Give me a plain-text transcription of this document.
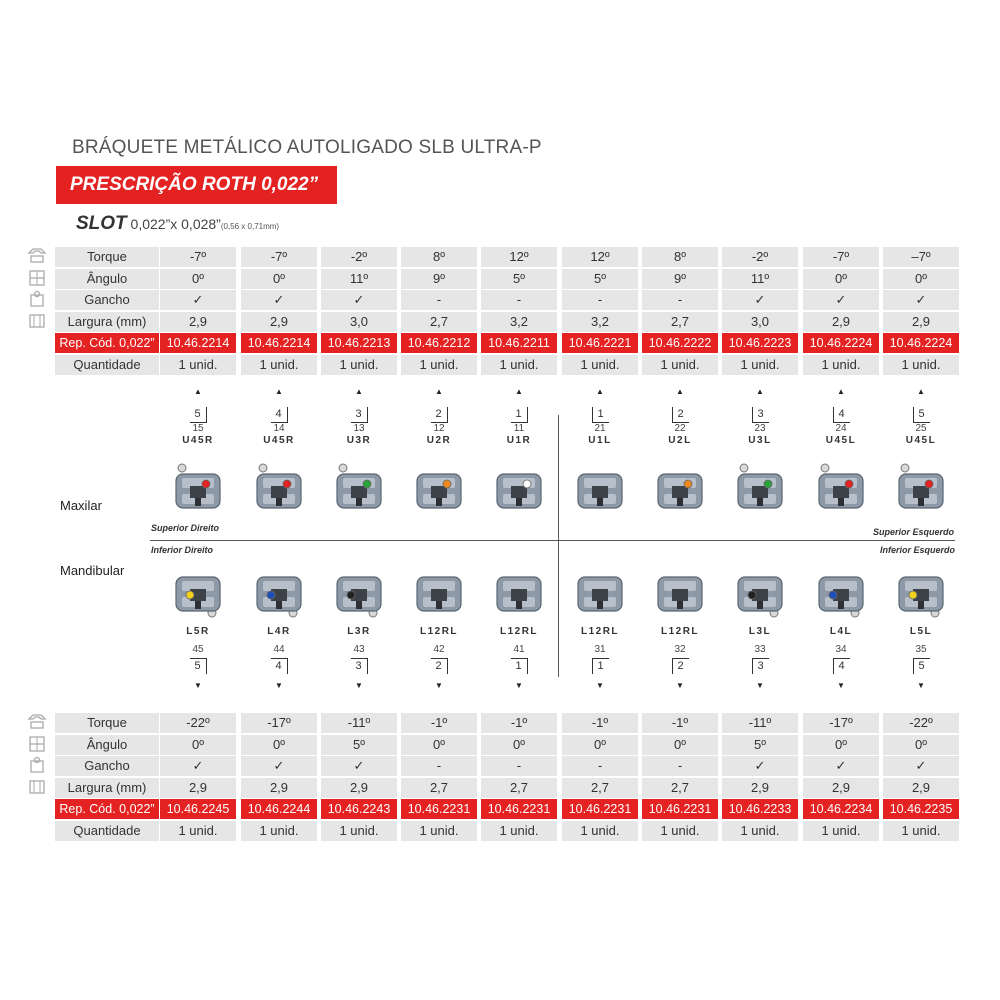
BRÁQUETE METÁLICO AUTOLIGADO SLB ULTRA-P
PRESCRIÇÃO ROTH 0,022”
SLOT 0,022”x 0,028”(0,56 x 0,71mm)
Torque	-7º	-7º	-2º	8º	12º	12º	8º	-2º	-7º	–7º
Ângulo	0º	0º	11º	9º	5º	5º	9º	11º	0º	0º
Gancho	✓	✓	✓	-	-	-	-	✓	✓	✓
Largura (mm)	2,9	2,9	3,0	2,7	3,2	3,2	2,7	3,0	2,9	2,9
Rep. Cód. 0,022” 10.46.2214	10.46.2214	10.46.2213	10.46.2212	10.46.2211	10.46.2221	10.46.2222	10.46.2223	10.46.2224	10.46.2224
Quantidade	1 unid.	1 unid.	1 unid.	1 unid.	1 unid.	1 unid.	1 unid.	1 unid.	1 unid.	1 unid.
Torque	-22º	-17º	-11º	-1º	-1º	-1º	-1º	-11º	-17º	-22º
Ângulo	0º	0º	5º	0º	0º	0º	0º	5º	0º	0º
Gancho	✓	✓	✓	-	-	-	-	✓	✓	✓
Largura (mm)	2,9	2,9	2,9	2,7	2,7	2,7	2,7	2,9	2,9	2,9
Rep. Cód. 0,022” 10.46.2245	10.46.2244	10.46.2243	10.46.2231	10.46.2231	10.46.2231	10.46.2231	10.46.2233	10.46.2234	10.46.2235
Quantidade	1 unid.	1 unid.	1 unid.	1 unid.	1 unid.	1 unid.	1 unid.	1 unid.	1 unid.	1 unid.
▲
5
15
U45R
L5R
45
5
▼
▲
4
14
U45R
L4R
44
4
▼
▲
3
13
U3R
L3R
43
3
▼
▲
2
12
U2R
L12RL
42
2
▼
▲
1
11
U1R
L12RL
41
1
▼
▲
1
21
U1L
L12RL
31
1
▼
▲
2
22
U2L
L12RL
32
2
▼
▲
3
23
U3L
L3L
33
3
▼
▲
4
24
U45L
L4L
34
4
▼
▲
5
25
U45L
L5L
35
5
▼
Maxilar
Mandibular
Superior Direito	Superior Esquerdo
Inferior Direito	Inferior Esquerdo
